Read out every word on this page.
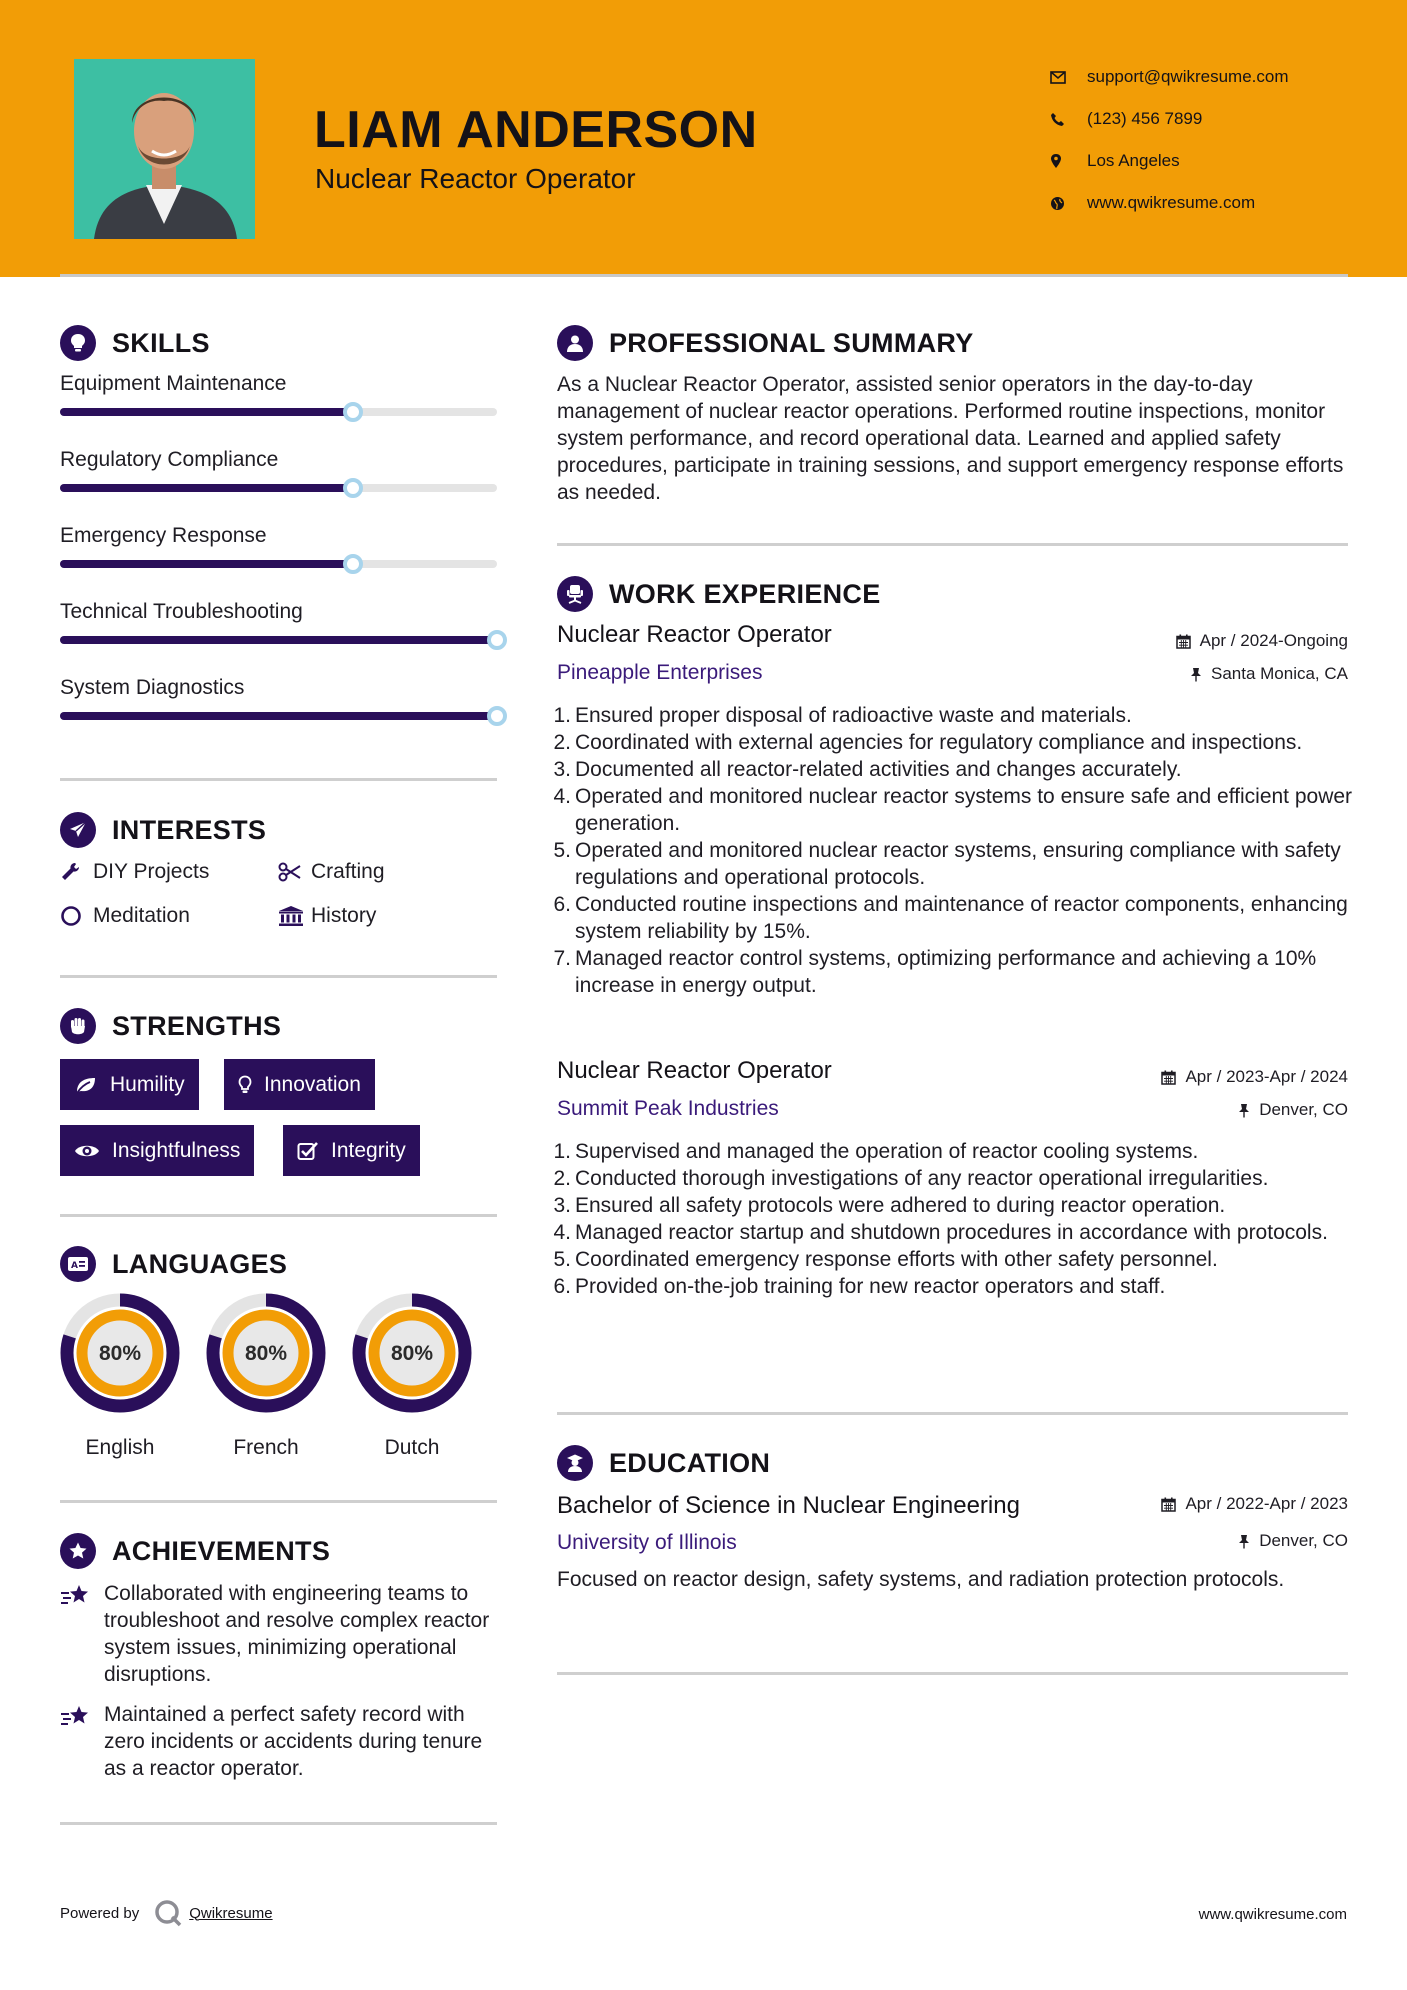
LIAM ANDERSON
Nuclear Reactor Operator
support@qwikresume.com
(123) 456 7899
Los Angeles
www.qwikresume.com
SKILLS
Equipment Maintenance
Regulatory Compliance
Emergency Response
Technical Troubleshooting
System Diagnostics
INTERESTS
DIY Projects	Crafting
Meditation	History
STRENGTHS
Humility	Innovation
Insightfulness	Integrity
A LANGUAGES
80%
English
80%
French
80%
Dutch
ACHIEVEMENTS
Collaborated with engineering teams to troubleshoot and resolve complex reactor system issues, minimizing operational disruptions.
Maintained a perfect safety record with zero incidents or accidents during tenure as a reactor operator.
PROFESSIONAL SUMMARY
As a Nuclear Reactor Operator, assisted senior operators in the day-to-day management of nuclear reactor operations. Performed routine inspections, monitor system performance, and record operational data. Learned and applied safety procedures, participate in training sessions, and support emergency response efforts as needed.
WORK EXPERIENCE
Nuclear Reactor Operator	Apr / 2024-Ongoing
Pineapple Enterprises	Santa Monica, CA
1. Ensured proper disposal of radioactive waste and materials.
2. Coordinated with external agencies for regulatory compliance and inspections.
3. Documented all reactor-related activities and changes accurately.
4. Operated and monitored nuclear reactor systems to ensure safe and efficient power generation.
5. Operated and monitored nuclear reactor systems, ensuring compliance with safety regulations and operational protocols.
6. Conducted routine inspections and maintenance of reactor components, enhancing system reliability by 15%.
7. Managed reactor control systems, optimizing performance and achieving a 10% increase in energy output.
Nuclear Reactor Operator	Apr / 2023-Apr / 2024
Summit Peak Industries	Denver, CO
1. Supervised and managed the operation of reactor cooling systems.
2. Conducted thorough investigations of any reactor operational irregularities.
3. Ensured all safety protocols were adhered to during reactor operation.
4. Managed reactor startup and shutdown procedures in accordance with protocols.
5. Coordinated emergency response efforts with other safety personnel.
6. Provided on-the-job training for new reactor operators and staff.
EDUCATION
Bachelor of Science in Nuclear Engineering	Apr / 2022-Apr / 2023
University of Illinois	Denver, CO
Focused on reactor design, safety systems, and radiation protection protocols.
Powered by	Qwikresume	www.qwikresume.com
